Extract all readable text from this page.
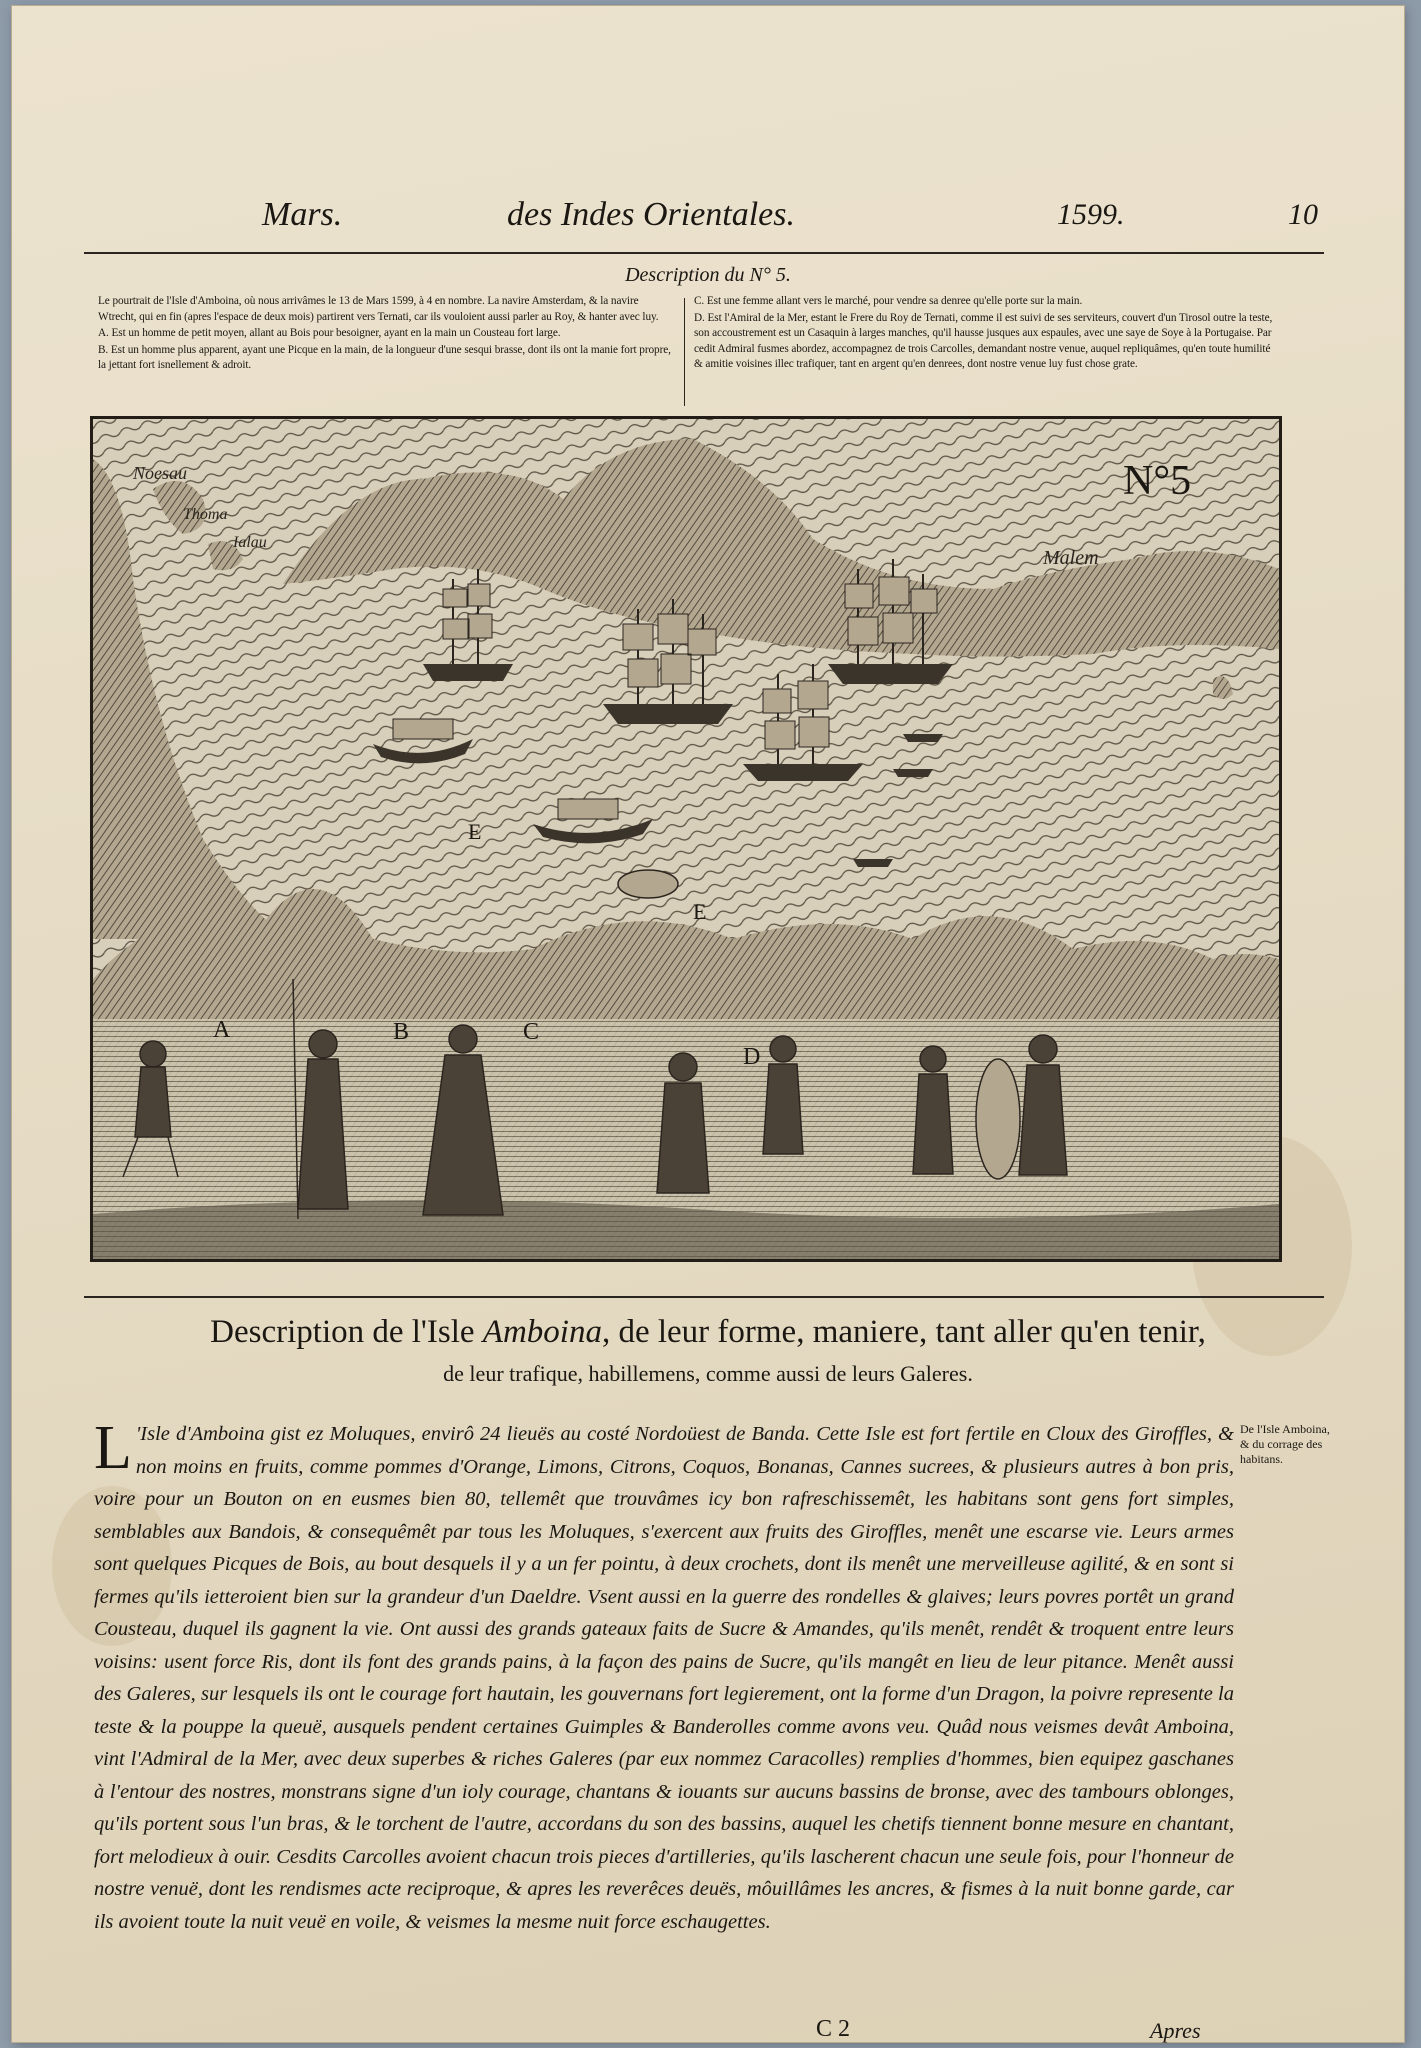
Mars.	des Indes Orientales.	1599.	10
Description du N° 5.

Le pourtrait de l'Isle d'Amboina, où nous arrivâmes le 13 de Mars 1599, à 4 en nombre. La navire Amsterdam, & la navire Wtrecht, qui en fin (apres l'espace de deux mois) partirent vers Ternati, car ils vouloient aussi parler au Roy, & hanter avec luy.

A. Est un homme de petit moyen, allant au Bois pour besoigner, ayant en la main un Cousteau fort large.

B. Est un homme plus apparent, ayant une Picque en la main, de la longueur d'une sesqui brasse, dont ils ont la manie fort propre, la jettant fort isnellement & adroit.

C. Est une femme allant vers le marché, pour vendre sa denree qu'elle porte sur la main.

D. Est l'Amiral de la Mer, estant le Frere du Roy de Ternati, comme il est suivi de ses serviteurs, couvert d'un Tirosol outre la teste, son accoustrement est un Casaquin à larges manches, qu'il hausse jusques aux espaules, avec une saye de Soye à la Portugaise. Par cedit Admiral fusmes abordez, accompagnez de trois Carcolles, demandant nostre venue, auquel repliquâmes, qu'en toute humilité & amitie voisines illec trafiquer, tant en argent qu'en denrees, dont nostre venue luy fust chose grate.

Noesau
Thoma
Ialau
Malem
N°5
A	B	C
D
E
E
Description de l'Isle Amboina, de leur forme, maniere, tant aller qu'en tenir,
de leur trafique, habillemens, comme aussi de leurs Galeres.
L 'Isle d'Amboina gist ez Moluques, envirô 24 lieuës au costé Nordoüest de Banda. Cette Isle est fort fertile en Cloux des Giroffles, & non moins en fruits, comme pommes d'Orange, Limons, Citrons, Coquos, Bonanas, Cannes sucrees, & plusieurs autres à bon pris, voire pour un Bouton on en eusmes bien 80, tellemêt que trouvâmes icy bon rafreschissemêt, les habitans sont gens fort simples, semblables aux Bandois, & consequêmêt par tous les Moluques, s'exercent aux fruits des Giroffles, menêt une escarse vie. Leurs armes sont quelques Picques de Bois, au bout desquels il y a un fer pointu, à deux crochets, dont ils menêt une merveilleuse agilité, & en sont si fermes qu'ils ietteroient bien sur la grandeur d'un Daeldre. Vsent aussi en la guerre des rondelles & glaives; leurs povres portêt un grand Cousteau, duquel ils gagnent la vie. Ont aussi des grands gateaux faits de Sucre & Amandes, qu'ils menêt, rendêt & troquent entre leurs voisins: usent force Ris, dont ils font des grands pains, à la façon des pains de Sucre, qu'ils mangêt en lieu de leur pitance. Menêt aussi des Galeres, sur lesquels ils ont le courage fort hautain, les gouvernans fort legierement, ont la forme d'un Dragon, la poivre represente la teste & la pouppe la queuë, ausquels pendent certaines Guimples & Banderolles comme avons veu. Quâd nous veismes devât Amboina, vint l'Admiral de la Mer, avec deux superbes & riches Galeres (par eux nommez Caracolles) remplies d'hommes, bien equipez gaschanes à l'entour des nostres, monstrans signe d'un ioly courage, chantans & iouants sur aucuns bassins de bronse, avec des tambours oblonges, qu'ils portent sous l'un bras, & le torchent de l'autre, accordans du son des bassins, auquel les chetifs tiennent bonne mesure en chantant, fort melodieux à ouir. Cesdits Carcolles avoient chacun trois pieces d'artilleries, qu'ils lascherent chacun une seule fois, pour l'honneur de nostre venuë, dont les rendismes acte reciproque, & apres les reverêces deuës, môuillâmes les ancres, & fismes à la nuit bonne garde, car ils avoient toute la nuit veuë en voile, & veismes la mesme nuit force eschaugettes.
De l'Isle Amboina, & du corrage des habitans.
C 2	Apres
